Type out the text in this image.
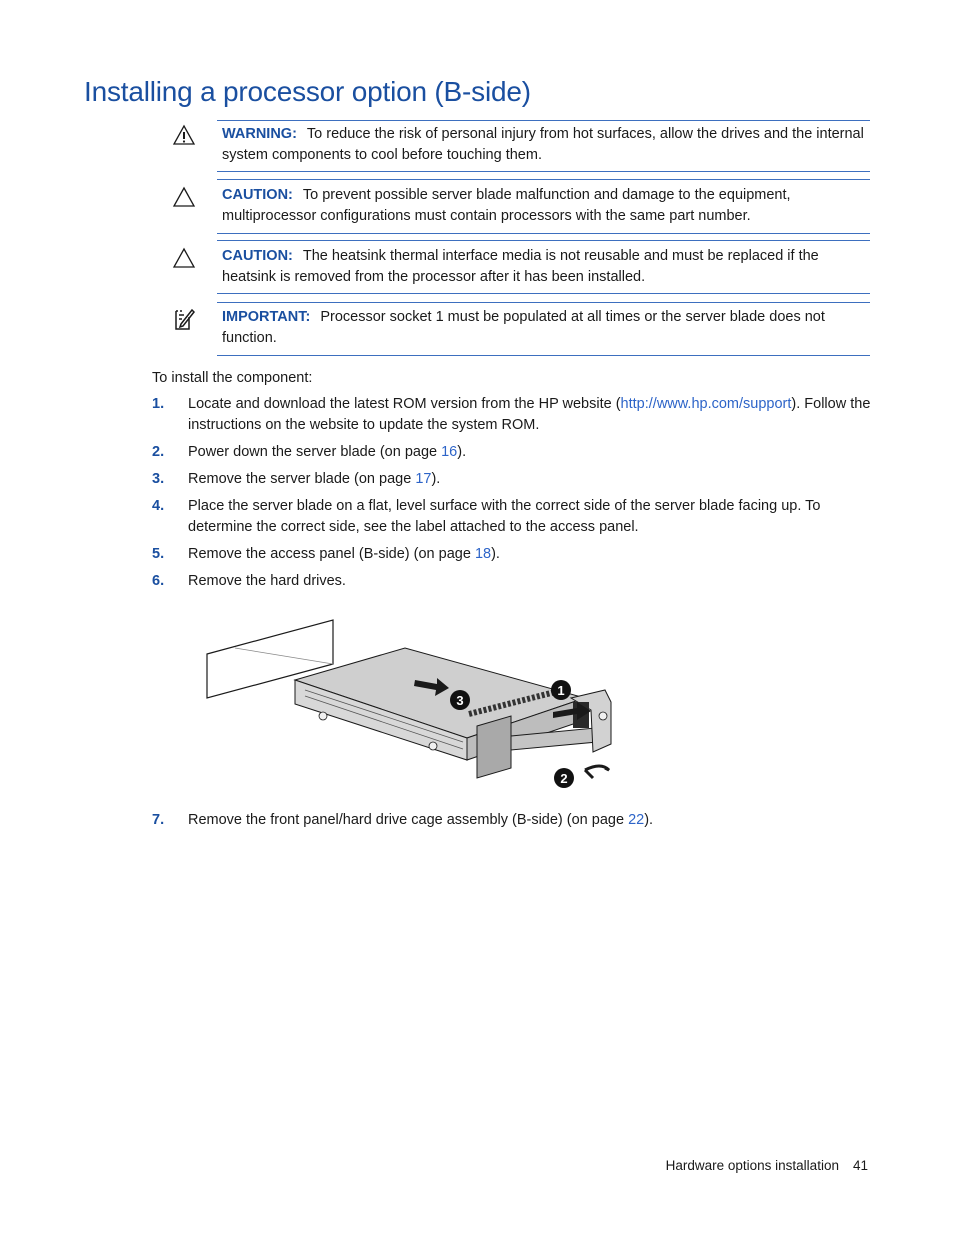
Installing a processor option (B-side)
WARNING: To reduce the risk of personal injury from hot surfaces, allow the drives and the internal system components to cool before touching them.
CAUTION: To prevent possible server blade malfunction and damage to the equipment, multiprocessor configurations must contain processors with the same part number.
CAUTION: The heatsink thermal interface media is not reusable and must be replaced if the heatsink is removed from the processor after it has been installed.
IMPORTANT: Processor socket 1 must be populated at all times or the server blade does not function.

To install the component:

1. Locate and download the latest ROM version from the HP website (http://www.hp.com/support). Follow the instructions on the website to update the system ROM.
2. Power down the server blade (on page 16).
3. Remove the server blade (on page 17).
4. Place the server blade on a flat, level surface with the correct side of the server blade facing up. To determine the correct side, see the label attached to the access panel.
5. Remove the access panel (B-side) (on page 18).
6. Remove the hard drives.
1
2
3
7. Remove the front panel/hard drive cage assembly (B-side) (on page 22).
Hardware options installation 41
